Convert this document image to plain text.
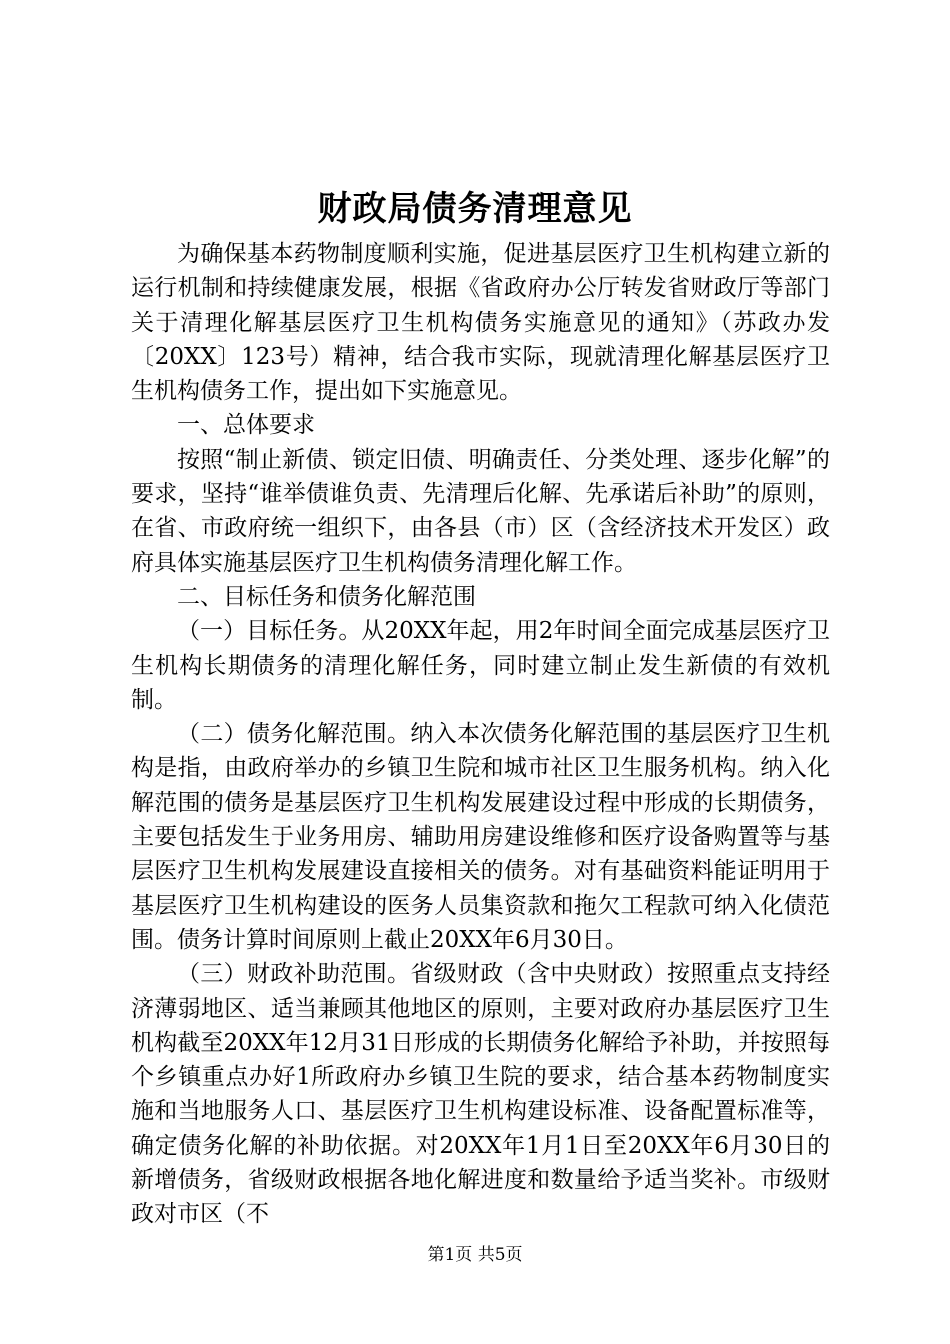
财政局债务清理意见

为确保基本药物制度顺利实施，促进基层医疗卫生机构建立新的运行机制和持续健康发展，根据《省政府办公厅转发省财政厅等部门关于清理化解基层医疗卫生机构债务实施意见的通知》（苏政办发〔20XX〕123号）精神，结合我市实际，现就清理化解基层医疗卫生机构债务工作，提出如下实施意见。

一、总体要求

按照“制止新债、锁定旧债、明确责任、分类处理、逐步化解”的要求，坚持“谁举债谁负责、先清理后化解、先承诺后补助”的原则，在省、市政府统一组织下，由各县（市）区（含经济技术开发区）政府具体实施基层医疗卫生机构债务清理化解工作。

二、目标任务和债务化解范围

（一）目标任务。从20XX年起，用2年时间全面完成基层医疗卫生机构长期债务的清理化解任务，同时建立制止发生新债的有效机制。

（二）债务化解范围。纳入本次债务化解范围的基层医疗卫生机构是指，由政府举办的乡镇卫生院和城市社区卫生服务机构。纳入化解范围的债务是基层医疗卫生机构发展建设过程中形成的长期债务，主要包括发生于业务用房、辅助用房建设维修和医疗设备购置等与基层医疗卫生机构发展建设直接相关的债务。对有基础资料能证明用于基层医疗卫生机构建设的医务人员集资款和拖欠工程款可纳入化债范围。债务计算时间原则上截止20XX年6月30日。

（三）财政补助范围。省级财政（含中央财政）按照重点支持经济薄弱地区、适当兼顾其他地区的原则，主要对政府办基层医疗卫生机构截至20XX年12月31日形成的长期债务化解给予补助，并按照每个乡镇重点办好1所政府办乡镇卫生院的要求，结合基本药物制度实施和当地服务人口、基层医疗卫生机构建设标准、设备配置标准等，确定债务化解的补助依据。对20XX年1月1日至20XX年6月30日的新增债务，省级财政根据各地化解进度和数量给予适当奖补。市级财政对市区（不

第1页 共5页
